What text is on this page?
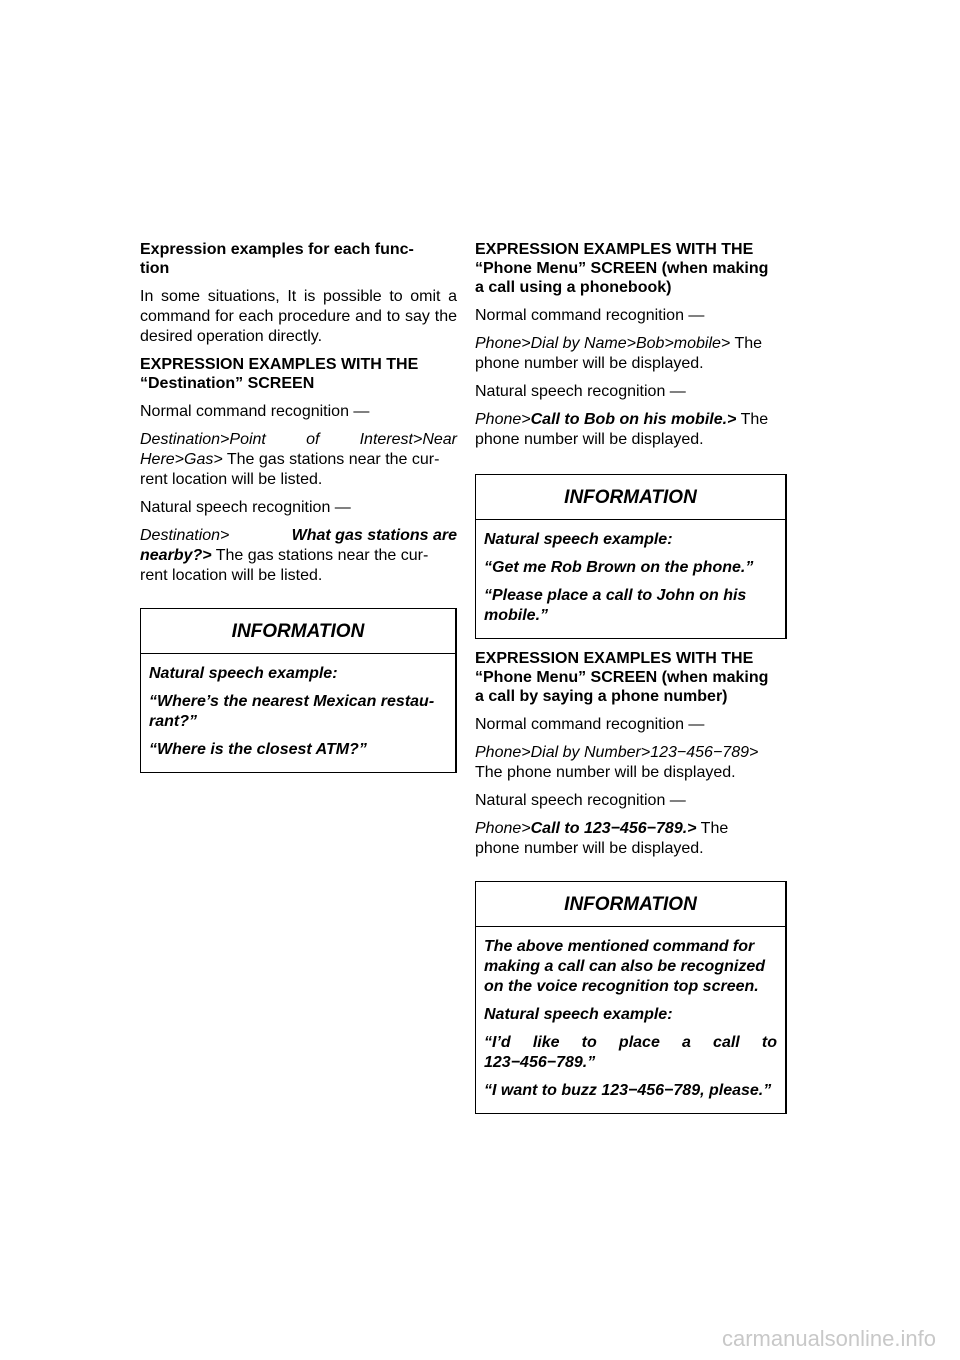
Expression examples for each func-
tion

In some situations, It is possible to omit a command for each procedure and to say the desired operation directly.

EXPRESSION EXAMPLES WITH THE
“Destination” SCREEN

Normal command recognition —

Destination>Point of Interest>Near
Here>Gas> The gas stations near the cur-
rent location will be listed.

Natural speech recognition —

Destination>	What gas stations are

nearby?> The gas stations near the cur-
rent location will be listed.

INFORMATION

Natural speech example:

“Where’s the nearest Mexican restau-
rant?”

“Where is the closest ATM?”

EXPRESSION EXAMPLES WITH THE
“Phone Menu” SCREEN (when making
a call using a phonebook)

Normal command recognition —

Phone>Dial by Name>Bob>mobile> The
phone number will be displayed.

Natural speech recognition —

Phone>Call to Bob on his mobile.> The
phone number will be displayed.

INFORMATION

Natural speech example:

“Get me Rob Brown on the phone.”

“Please place a call to John on his
mobile.”

EXPRESSION EXAMPLES WITH THE
“Phone Menu” SCREEN (when making
a call by saying a phone number)

Normal command recognition —

Phone>Dial by Number>123−456−789>
The phone number will be displayed.

Natural speech recognition —

Phone>Call to 123−456−789.> The
phone number will be displayed.

INFORMATION

The above mentioned command for
making a call can also be recognized
on the voice recognition top screen.

Natural speech example:

“I’d like to place a call to
123−456−789.”

“I want to buzz 123−456−789, please.”

carmanualsonline.info
